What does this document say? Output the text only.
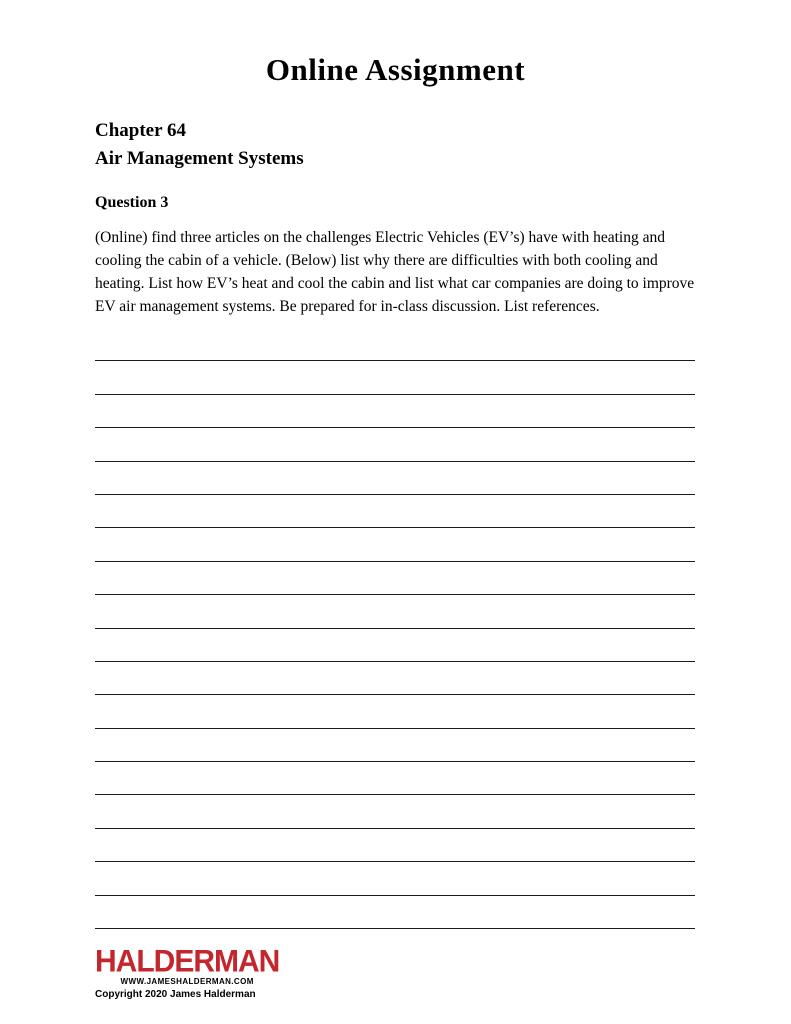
Online Assignment
Chapter 64
Air Management Systems
Question 3

(Online) find three articles on the challenges Electric Vehicles (EV’s) have with heating and cooling the cabin of a vehicle. (Below) list why there are difficulties with both cooling and heating. List how EV’s heat and cool the cabin and list what car companies are doing to improve EV air management systems. Be prepared for in-class discussion. List references.

HALDERMAN
WWW.JAMESHALDERMAN.COM
Copyright 2020 James Halderman
